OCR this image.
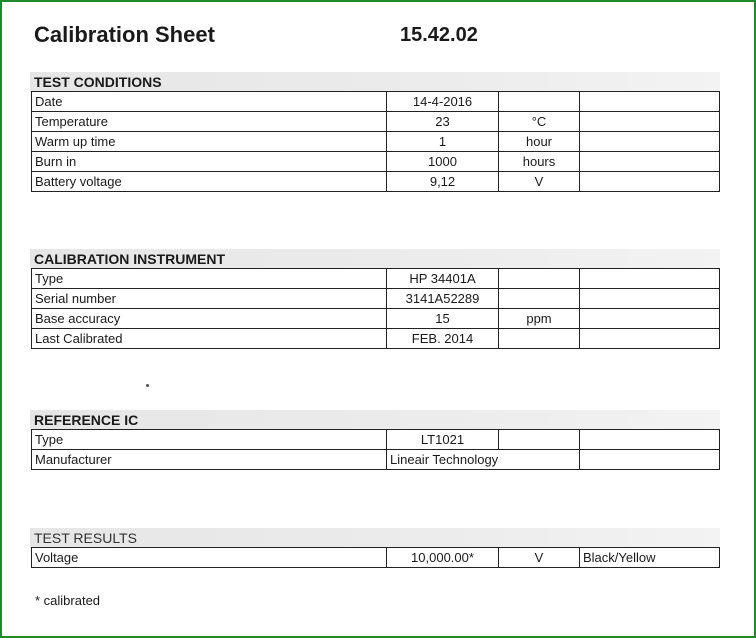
Calibration Sheet	15.42.02
TEST CONDITIONS
Date	14-4-2016		
Temperature	23	°C	
Warm up time	1	hour	
Burn in	1000	hours	
Battery voltage	9,12	V	
CALIBRATION INSTRUMENT
Type	HP 34401A		
Serial number	3141A52289		
Base accuracy	15	ppm	
Last Calibrated	FEB. 2014		
REFERENCE IC
Type	LT1021		
Manufacturer	Lineair Technology		
TEST RESULTS
Voltage	10,000.00*	V	Black/Yellow
* calibrated
